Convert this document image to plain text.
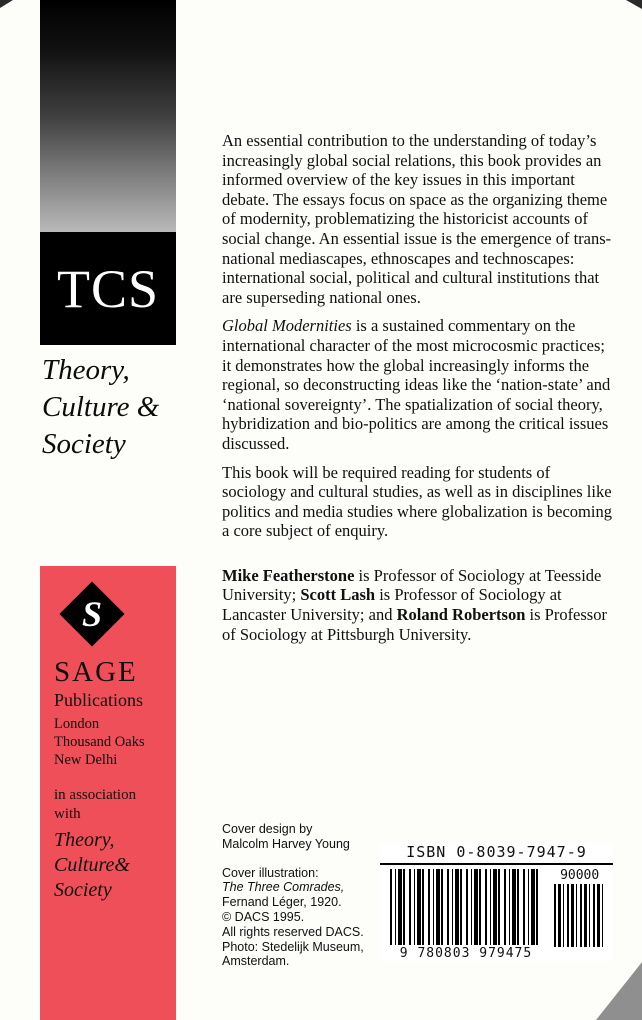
TCS
Theory,
Culture &
Society
S
SAGE
Publications
London
Thousand Oaks
New Delhi
in association
with
Theory,
Culture&
Society

An essential contribution to the understanding of today’s increasingly global social relations, this book provides an informed overview of the key issues in this important debate. The essays focus on space as the organizing theme of modernity, problematizing the historicist accounts of social change. An essential issue is the emergence of trans-national mediascapes, ethnoscapes and technoscapes: international social, political and cultural institutions that are superseding national ones.

Global Modernities is a sustained commentary on the international character of the most microcosmic practices; it demonstrates how the global increasingly informs the regional, so deconstructing ideas like the ‘nation-state’ and ‘national sovereignty’. The spatialization of social theory, hybridization and bio-politics are among the critical issues discussed.

This book will be required reading for students of sociology and cultural studies, as well as in disciplines like politics and media studies where globalization is becoming a core subject of enquiry.

Mike Featherstone is Professor of Sociology at Teesside University; Scott Lash is Professor of Sociology at Lancaster University; and Roland Robertson is Professor of Sociology at Pittsburgh University.

Cover design by
Malcolm Harvey Young
Cover illustration:
The Three Comrades,
Fernand Léger, 1920.
© DACS 1995.
All rights reserved DACS.
Photo: Stedelijk Museum,
Amsterdam.
ISBN 0-8039-7947-9
9 780803 979475
90000
